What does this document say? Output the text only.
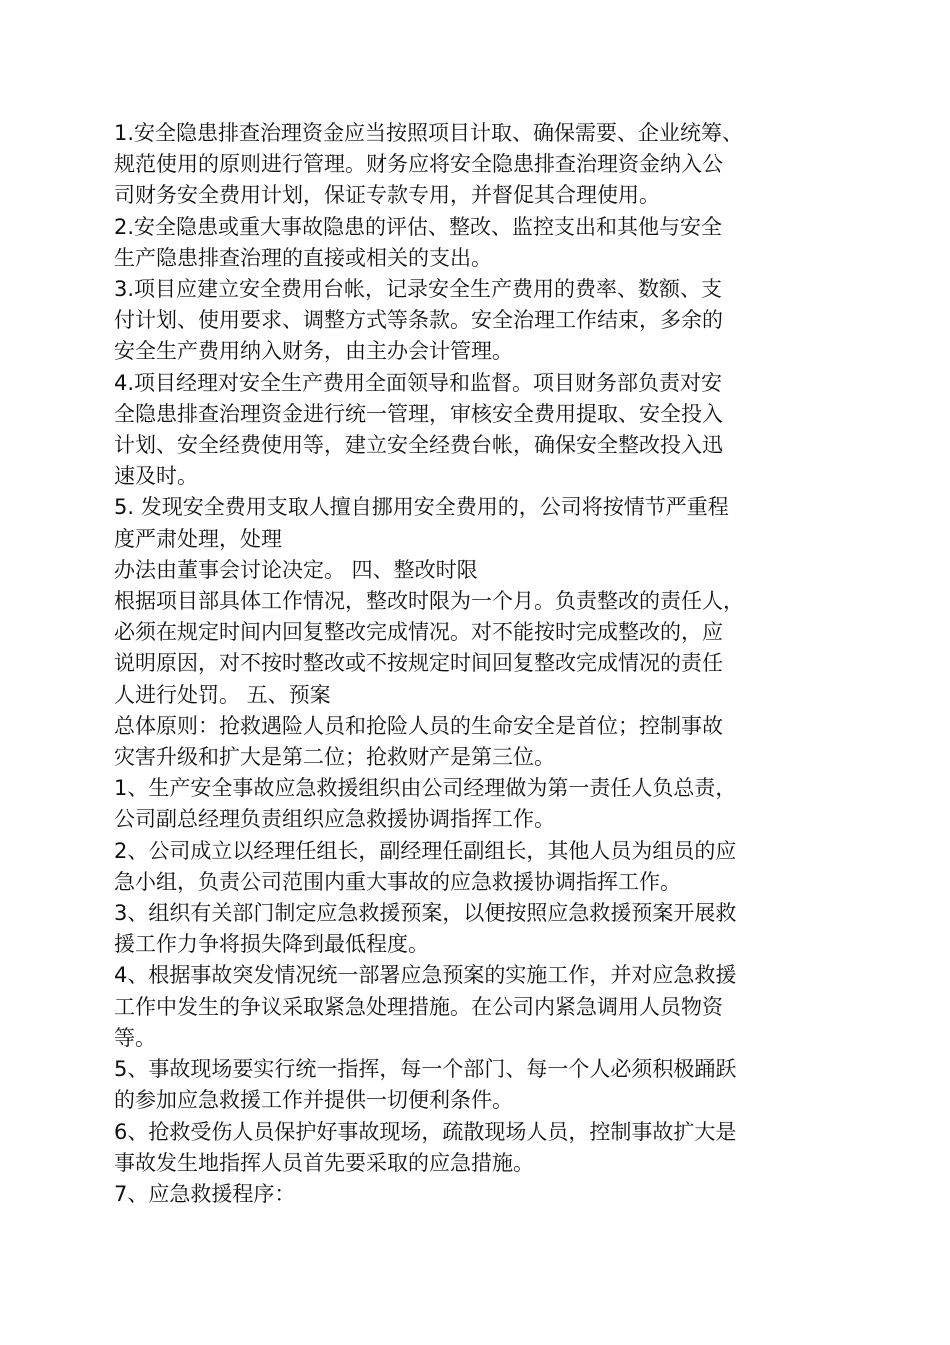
1.安全隐患排查治理资金应当按照项目计取、确保需要、企业统筹、
规范使用的原则进行管理。财务应将安全隐患排查治理资金纳入公
司财务安全费用计划，保证专款专用，并督促其合理使用。
2.安全隐患或重大事故隐患的评估、整改、监控支出和其他与安全
生产隐患排查治理的直接或相关的支出。
3.项目应建立安全费用台帐，记录安全生产费用的费率、数额、支
付计划、使用要求、调整方式等条款。安全治理工作结束，多余的
安全生产费用纳入财务，由主办会计管理。
4.项目经理对安全生产费用全面领导和监督。项目财务部负责对安
全隐患排查治理资金进行统一管理，审核安全费用提取、安全投入
计划、安全经费使用等，建立安全经费台帐，确保安全整改投入迅
速及时。
5. 发现安全费用支取人擅自挪用安全费用的，公司将按情节严重程
度严肃处理，处理
办法由董事会讨论决定。 四、整改时限
根据项目部具体工作情况，整改时限为一个月。负责整改的责任人，
必须在规定时间内回复整改完成情况。对不能按时完成整改的，应
说明原因，对不按时整改或不按规定时间回复整改完成情况的责任
人进行处罚。 五、预案
总体原则：抢救遇险人员和抢险人员的生命安全是首位；控制事故
灾害升级和扩大是第二位；抢救财产是第三位。
1、生产安全事故应急救援组织由公司经理做为第一责任人负总责，
公司副总经理负责组织应急救援协调指挥工作。
2、公司成立以经理任组长，副经理任副组长，其他人员为组员的应
急小组，负责公司范围内重大事故的应急救援协调指挥工作。
3、组织有关部门制定应急救援预案，以便按照应急救援预案开展救
援工作力争将损失降到最低程度。
4、根据事故突发情况统一部署应急预案的实施工作，并对应急救援
工作中发生的争议采取紧急处理措施。在公司内紧急调用人员物资
等。
5、事故现场要实行统一指挥，每一个部门、每一个人必须积极踊跃
的参加应急救援工作并提供一切便利条件。
6、抢救受伤人员保护好事故现场，疏散现场人员，控制事故扩大是
事故发生地指挥人员首先要采取的应急措施。
7、应急救援程序：
